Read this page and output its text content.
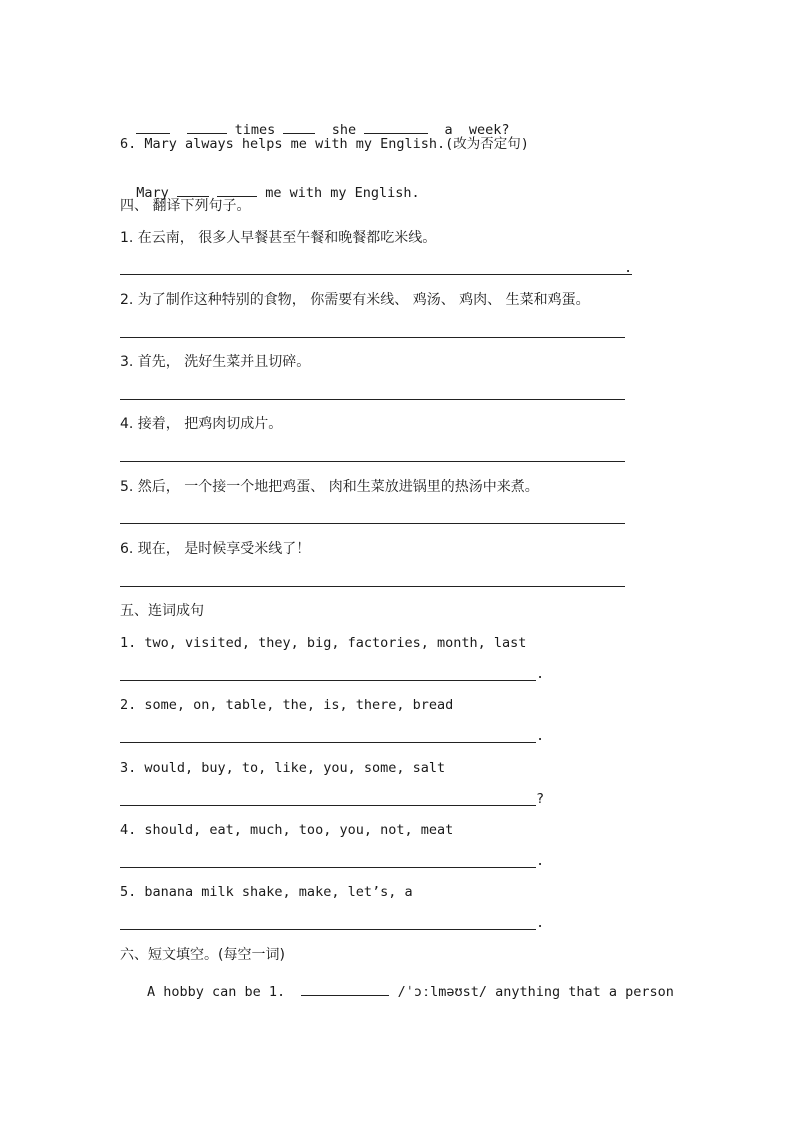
times	she	a week?

6. Mary always helps me with my English.(改为否定句)

Mary	me with my English.

四、 翻译下列句子。
1. 在云南， 很多人早餐甚至午餐和晚餐都吃米线。
.
2. 为了制作这种特别的食物， 你需要有米线、 鸡汤、 鸡肉、 生菜和鸡蛋。
3. 首先， 洗好生菜并且切碎。
4. 接着， 把鸡肉切成片。
5. 然后， 一个接一个地把鸡蛋、 肉和生菜放进锅里的热汤中来煮。
6. 现在， 是时候享受米线了！
五、连词成句
1. two, visited, they, big, factories, month, last
.
2. some, on, table, the, is, there, bread
.
3. would, buy, to, like, you, some, salt
?
4. should, eat, much, too, you, not, meat
.
5. banana milk shake, make, let’s, a
.
六、短文填空。(每空一词)
A hobby can be 1.	/ˈɔːlməʊst/ anything that a person
